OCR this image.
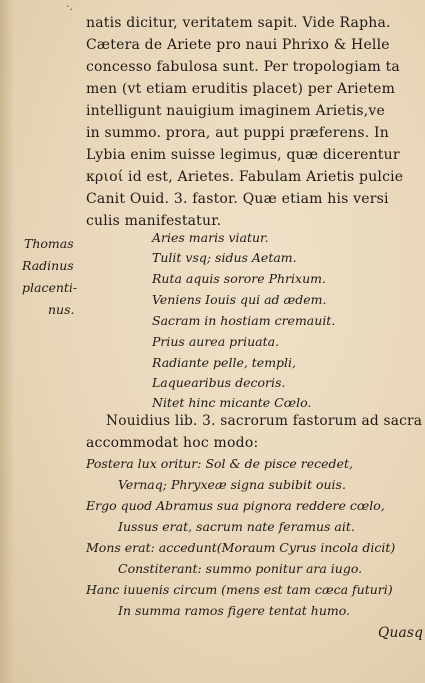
·.
natis dicitur, veritatem sapit. Vide Rapha.
Cætera de Ariete pro naui Phrixo & Helle
concesso fabulosa sunt. Per tropologiam ta
men (vt etiam eruditis placet) per Arietem
intelligunt nauigium imaginem Arietis,ve
in summo. prora, aut puppi præferens. In
Lybia enim suisse legimus, quæ dicerentur
κριοί id est, Arietes. Fabulam Arietis pulcie
Canit Ouid. 3. fastor. Quæ etiam his versi
culis manifestatur.
Thomas
Radinus
placenti-
nus.
Aries maris viatur.
Tulit vsq; sidus Aetam.
Ruta aquis sorore Phrixum.
Veniens Iouis qui ad ædem.
Sacram in hostiam cremauit.
Prius aurea priuata.
Radiante pelle, templi,
Laquearibus decoris.
Nitet hinc micante Cœlo.
Nouidius lib. 3. sacrorum fastorum ad sacra
accommodat hoc modo:
Postera lux oritur: Sol & de pisce recedet,
Vernaq; Phryxeæ signa subibit ouis.
Ergo quod Abramus sua pignora reddere cœlo,
Iussus erat, sacrum nate feramus ait.
Mons erat: accedunt(Moraum Cyrus incola dicit)
Constiterant: summo ponitur ara iugo.
Hanc iuuenis circum (mens est tam cæca futuri)
In summa ramos figere tentat humo.
Quasq
